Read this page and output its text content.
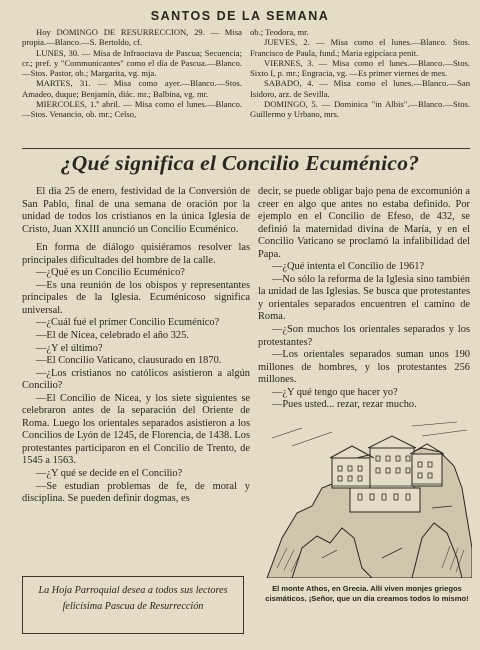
SANTOS DE LA SEMANA

Hoy DOMINGO DE RESURRECCION, 29. — Misa propia.—Blanco.—S. Bertoldo, cf.

LUNES, 30. — Misa de Infraoctava de Pascua; Secuencia; cr.; pref. y "Communicantes" como el día de Pascua.—Blanco.—Stos. Pastor, ob.; Margarita, vg. mja.

MARTES, 31. — Misa como ayer.—Blanco.—Stos. Amadeo, duque; Benjamín, diác. mr.; Balbina, vg. mr.

MIERCOLES, 1.º abril. — Misa como el lunes.—Blanco.—Stos. Venancio, ob. mr.; Celso,

ob.; Teodora, mr.

JUEVES, 2. — Misa como el lunes.—Blanco. Stos. Francisco de Paula, fund.; María egipcíaca penit.

VIERNES, 3. — Misa como el lunes.—Blanco.—Stos. Sixto I, p. mr.; Engracia, vg. —Es primer viernes de mes.

SABADO, 4. — Misa como el lunes.—Blanco.—San Isidoro, arz. de Sevilla.

DOMINGO, 5. — Dominica "in Albis".—Blanco.—Stos. Guillermo y Urbano, mrs.

¿Qué significa el Concilio Ecuménico?

El día 25 de enero, festividad de la Conversión de San Pablo, final de una semana de oración por la unidad de todos los cristianos en la única Iglesia de Cristo, Juan XXIII anunció un Concilio Ecuménico.

En forma de diálogo quisiéramos resolver las principales dificultades del hombre de la calle.

—¿Qué es un Concilio Ecuménico?

—Es una reunión de los obispos y representantes principales de la Iglesia. Ecuménicoso significa universal.

—¿Cuál fué el primer Concilio Ecuménico?

—El de Nicea, celebrado el año 325.

—¿Y el último?

—El Concilio Vaticano, clausurado en 1870.

—¿Los cristianos no católicos asistieron a algún Concilio?

—El Concilio de Nicea, y los siete siguientes se celebraron antes de la separación del Oriente de Roma. Luego los orientales separados asistieron a los Concilios de Lyón de 1245, de Florencia, de 1438. Los protestantes participaron en el Concilio de Trento, de 1545 a 1563.

—¿Y qué se decide en el Concilio?

—Se estudian problemas de fe, de moral y disciplina. Se pueden definir dogmas, es

decir, se puede obligar bajo pena de excomunión a creer en algo que antes no estaba definido. Por ejemplo en el Concilio de Efeso, de 432, se definió la maternidad divina de María, y en el Concilio Vaticano se proclamó la infalibilidad del Papa.

—¿Qué intenta el Concilio de 1961?

—No sólo la reforma de la Iglesia sino también la unidad de las Iglesias. Se busca que protestantes y orientales separados encuentren el camino de Roma.

—¿Son muchos los orientales separados y los protestantes?

—Los orientales separados suman unos 190 millones de hombres, y los protestantes 256 millones.

—¿Y qué tengo que hacer yo?

—Pues usted... rezar, rezar mucho.

El monte Athos, en Grecia. Allí viven monjes griegos cismáticos. ¡Señor, que un día creamos todos lo mismo!
La Hoja Parroquial desea a todos sus lectores felicísima Pascua de Resurrección
